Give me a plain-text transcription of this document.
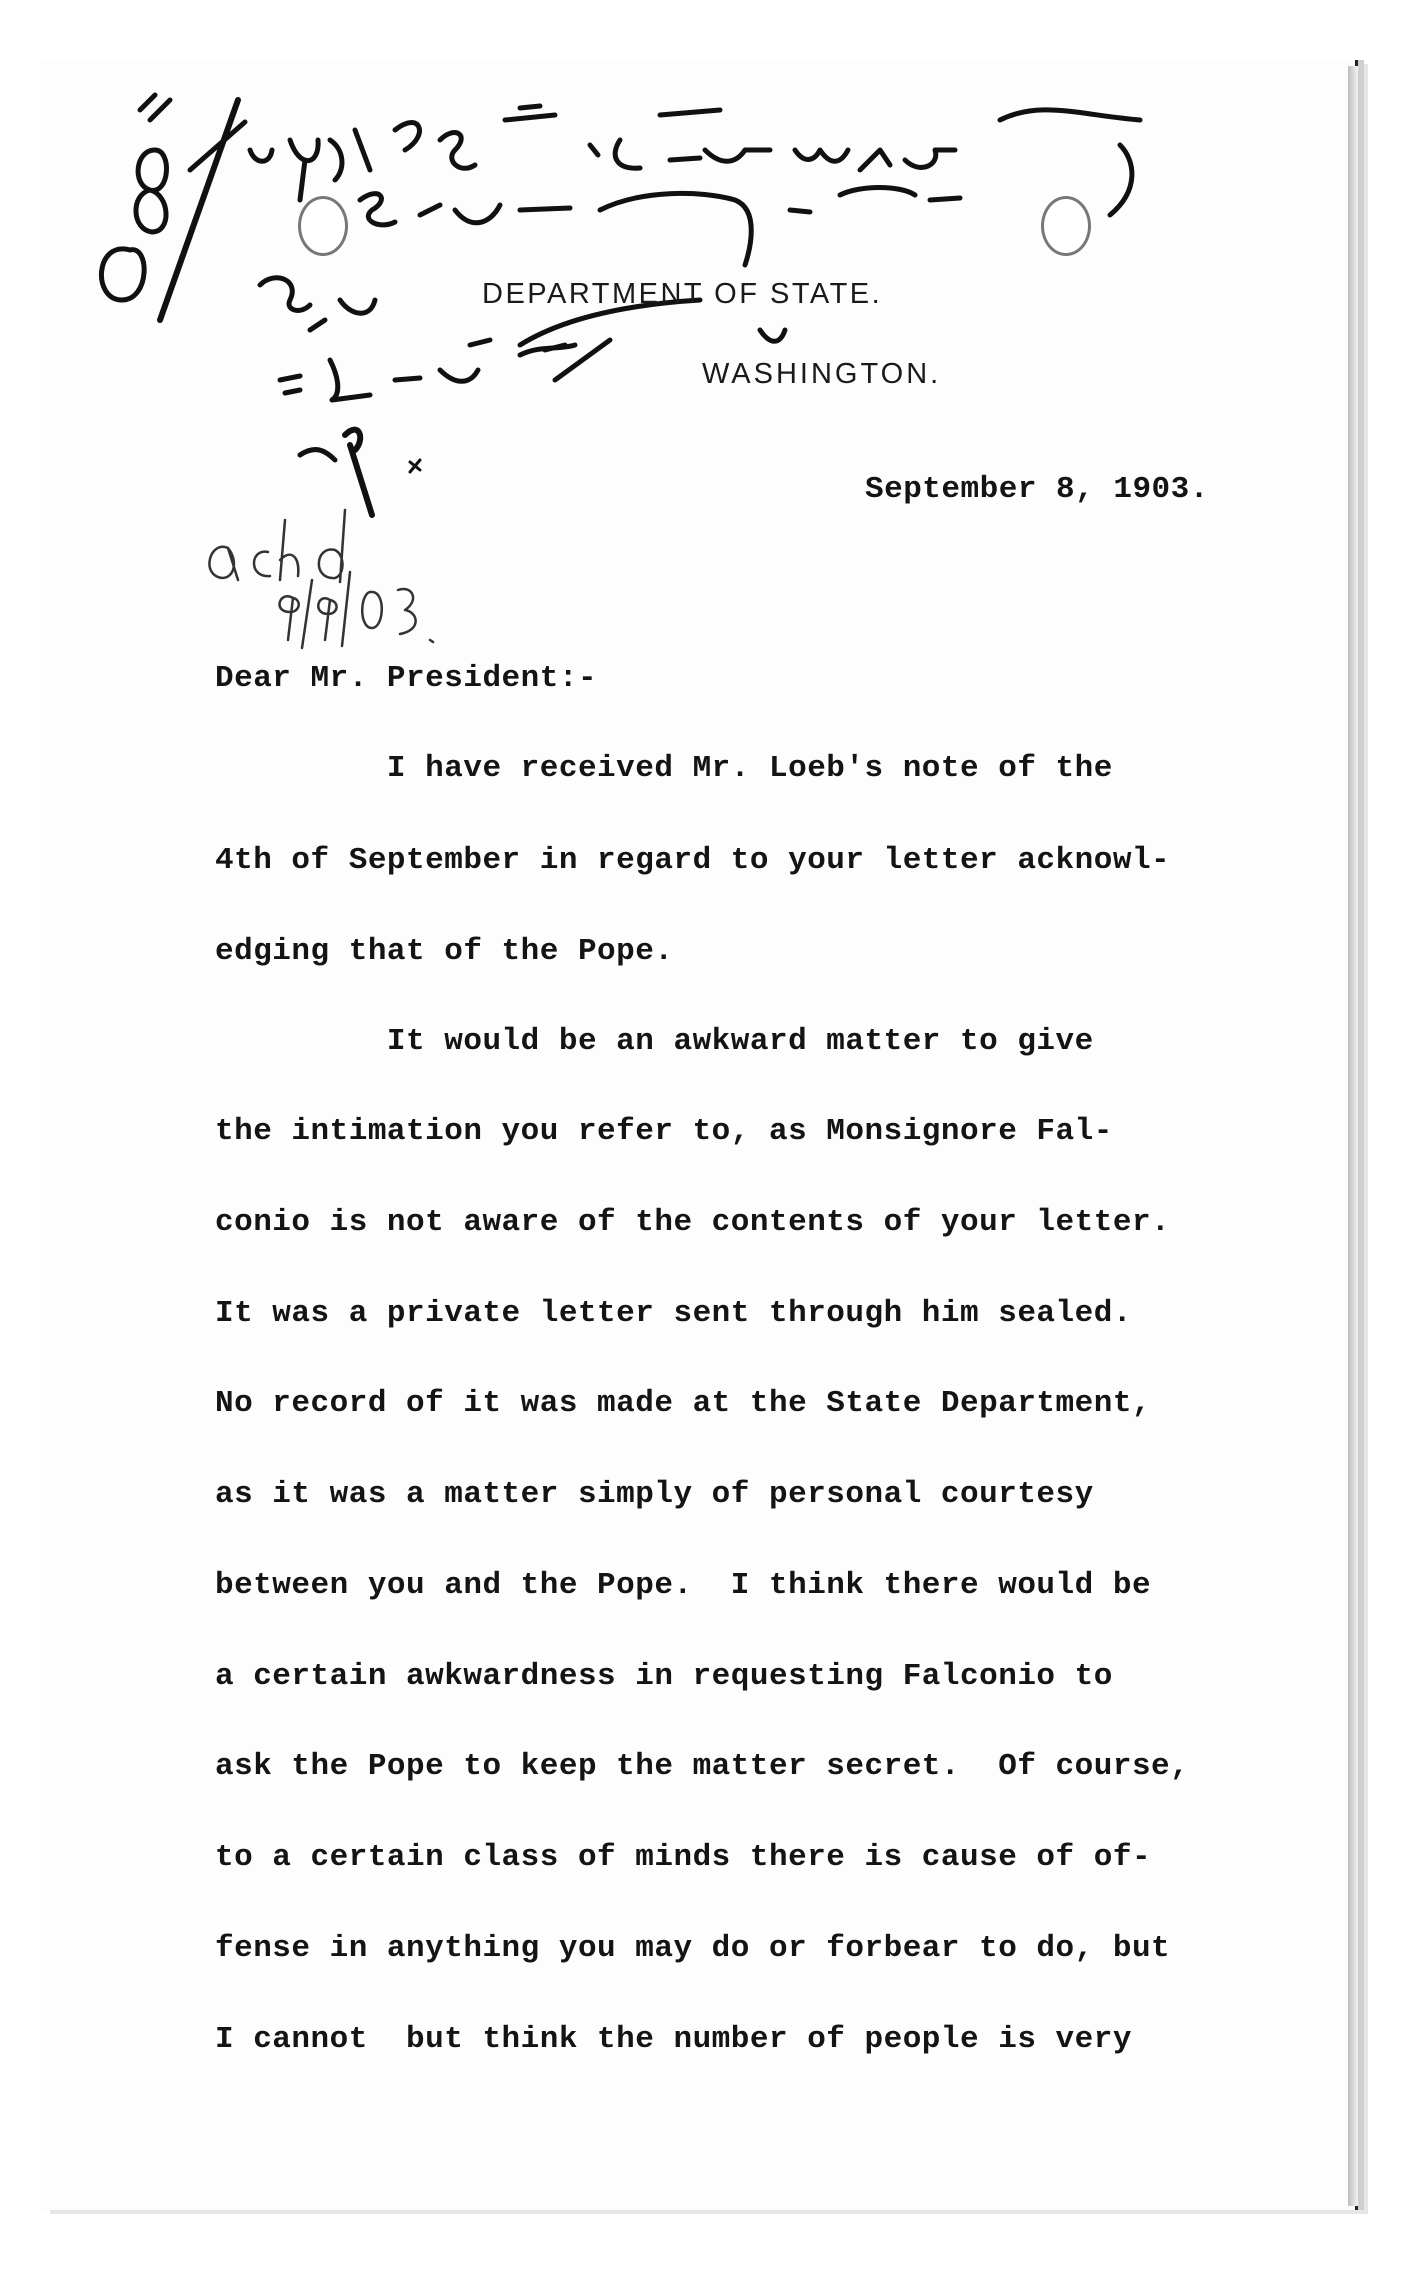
DEPARTMENT OF STATE.
WASHINGTON.
September 8, 1903.
Dear Mr. President:-
I have received Mr. Loeb's note of the
4th of September in regard to your letter acknowl-
edging that of the Pope.
It would be an awkward matter to give
the intimation you refer to, as Monsignore Fal-
conio is not aware of the contents of your letter.
It was a private letter sent through him sealed.
No record of it was made at the State Department,
as it was a matter simply of personal courtesy
between you and the Pope.  I think there would be
a certain awkwardness in requesting Falconio to
ask the Pope to keep the matter secret.  Of course,
to a certain class of minds there is cause of of-
fense in anything you may do or forbear to do, but
I cannot  but think the number of people is very
